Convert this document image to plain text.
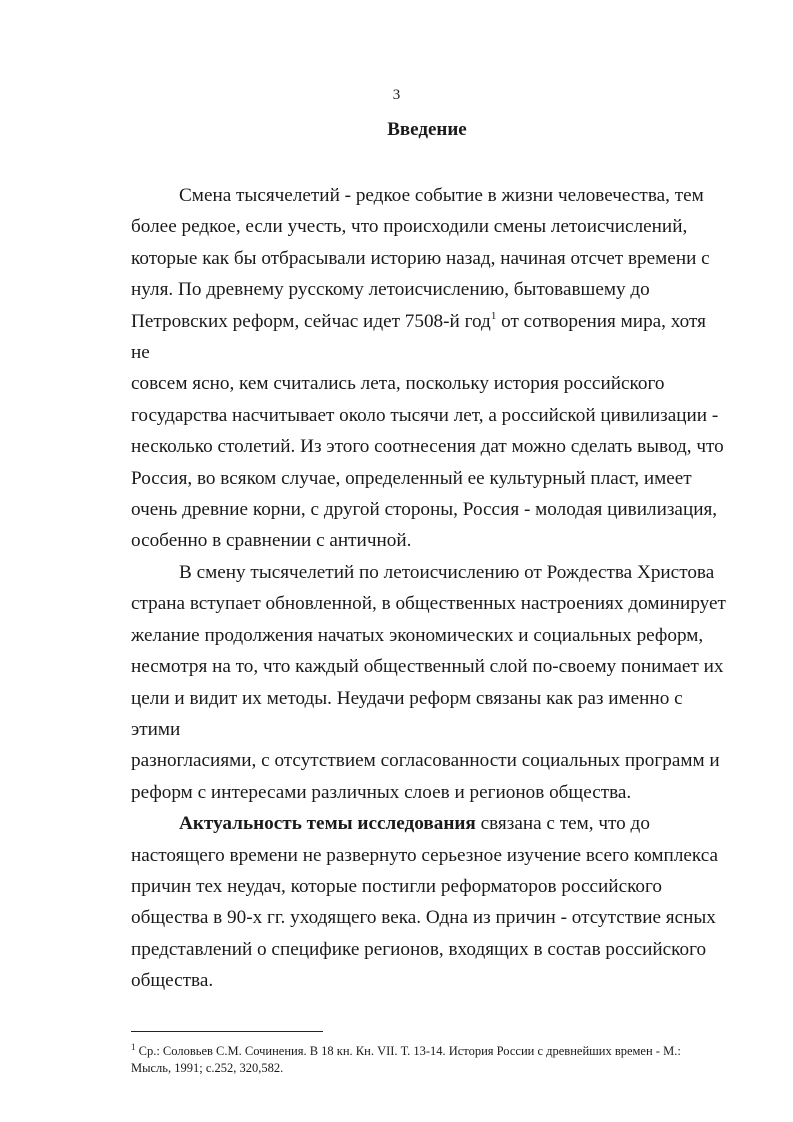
3
Введение
Смена тысячелетий - редкое событие в жизни человечества, тем
более редкое, если учесть, что происходили смены летоисчислений,
которые как бы отбрасывали историю назад, начиная отсчет времени с
нуля. По древнему русскому летоисчислению, бытовавшему до
Петровских реформ, сейчас идет 7508-й год$^1$ от сотворения мира, хотя не
совсем ясно, кем считались лета, поскольку история российского
государства насчитывает около тысячи лет, а российской цивилизации -
несколько столетий. Из этого соотнесения дат можно сделать вывод, что
Россия, во всяком случае, определенный ее культурный пласт, имеет
очень древние корни, с другой стороны, Россия - молодая цивилизация,
особенно в сравнении с античной.
В смену тысячелетий по летоисчислению от Рождества Христова
страна вступает обновленной, в общественных настроениях доминирует
желание продолжения начатых экономических и социальных реформ,
несмотря на то, что каждый общественный слой по-своему понимает их
цели и видит их методы. Неудачи реформ связаны как раз именно с этими
разногласиями, с отсутствием согласованности социальных программ и
реформ с интересами различных слоев и регионов общества.
Актуальность темы исследования связана с тем, что до
настоящего времени не развернуто серьезное изучение всего комплекса
причин тех неудач, которые постигли реформаторов российского
общества в 90-х гг. уходящего века. Одна из причин - отсутствие ясных
представлений о специфике регионов, входящих в состав российского
общества.
$^1$ Ср.: Соловьев С.М. Сочинения. В 18 кн. Кн. VII. Т. 13-14. История России с древнейших времен - М.:
Мысль, 1991; с.252, 320,582.
